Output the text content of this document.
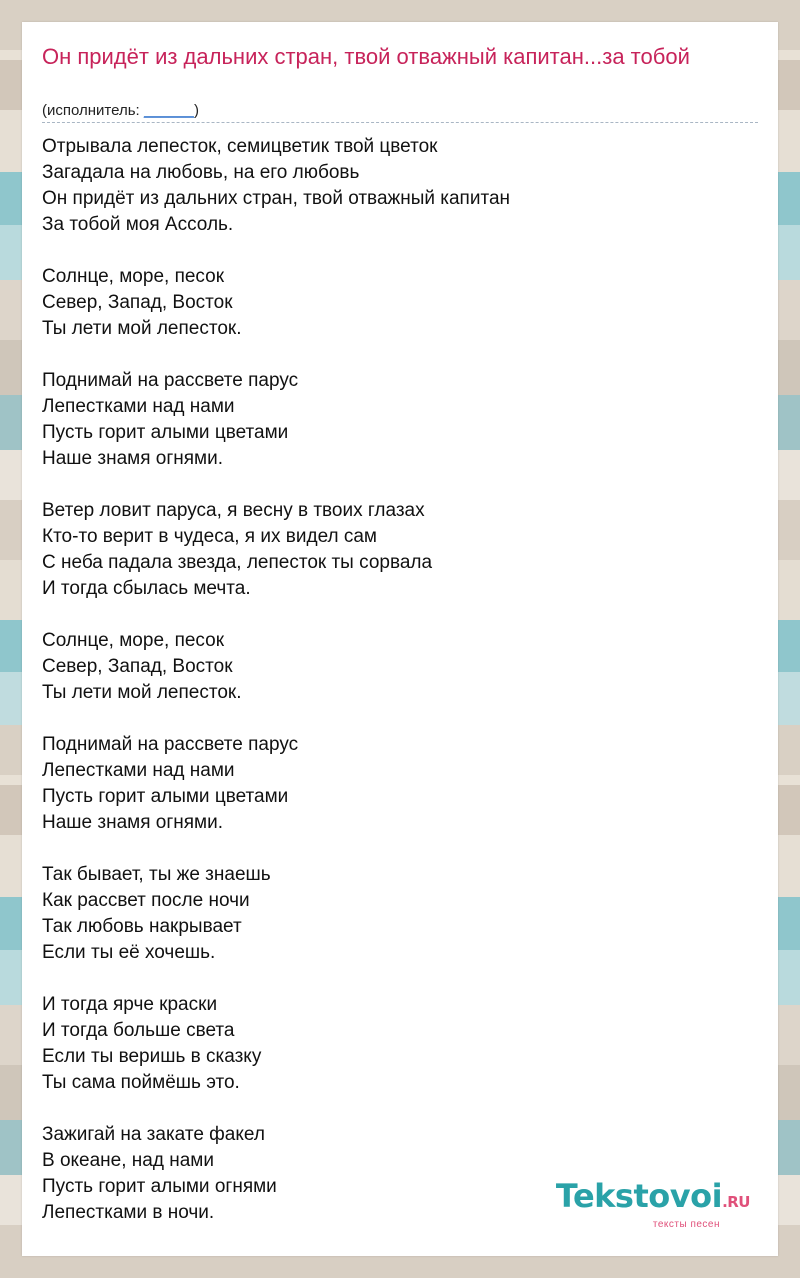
Он придёт из дальних стран, твой отважный капитан...за тобой
(исполнитель: ______)
Отрывала лепесток, семицветик твой цветок
Загадала на любовь, на его любовь
Он придёт из дальних стран, твой отважный капитан
За тобой моя Ассоль.
Солнце, море, песок
Север, Запад, Восток
Ты лети мой лепесток.
Поднимай на рассвете парус
Лепестками над нами
Пусть горит алыми цветами
Наше знамя огнями.
Ветер ловит паруса, я весну в твоих глазах
Кто-то верит в чудеса, я их видел сам
С неба падала звезда, лепесток ты сорвала
И тогда сбылась мечта.
Солнце, море, песок
Север, Запад, Восток
Ты лети мой лепесток.
Поднимай на рассвете парус
Лепестками над нами
Пусть горит алыми цветами
Наше знамя огнями.
Так бывает, ты же знаешь
Как рассвет после ночи
Так любовь накрывает
Если ты её хочешь.
И тогда ярче краски
И тогда больше света
Если ты веришь в сказку
Ты сама поймёшь это.
Зажигай на закате факел
В океане, над нами
Пусть горит алыми огнями
Лепестками в ночи.	Tekstovoi.RU
тексты песен
